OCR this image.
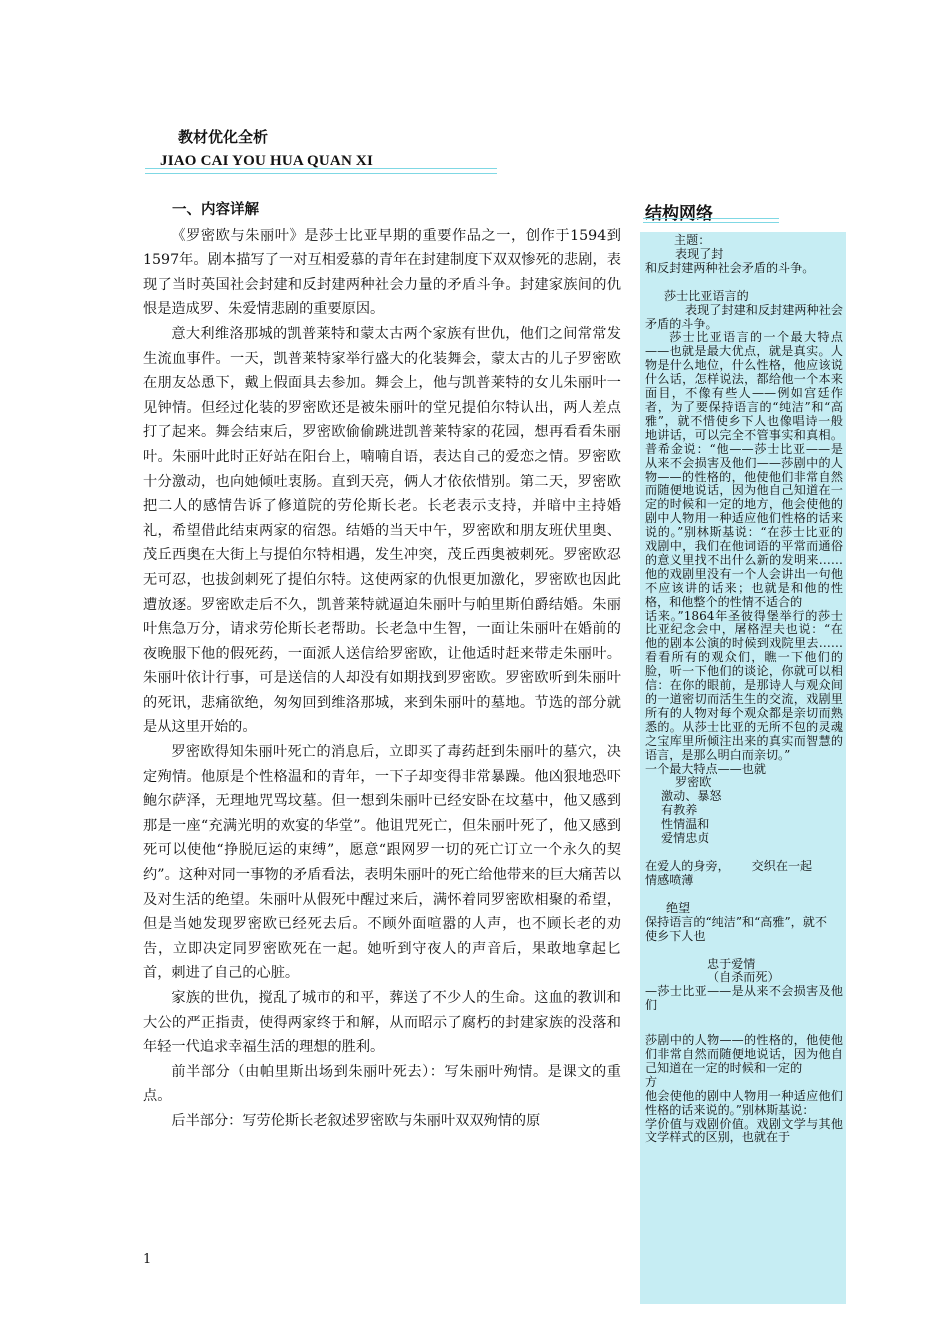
教材优化全析
JIAO CAI YOU HUA QUAN XI
一、内容详解

《罗密欧与朱丽叶》是莎士比亚早期的重要作品之一，创作于1594到1597年。剧本描写了一对互相爱慕的青年在封建制度下双双惨死的悲剧，表现了当时英国社会封建和反封建两种社会力量的矛盾斗争。封建家族间的仇恨是造成罗、朱爱情悲剧的重要原因。

意大利维洛那城的凯普莱特和蒙太古两个家族有世仇，他们之间常常发生流血事件。一天，凯普莱特家举行盛大的化装舞会，蒙太古的儿子罗密欧在朋友怂恿下，戴上假面具去参加。舞会上，他与凯普莱特的女儿朱丽叶一见钟情。但经过化装的罗密欧还是被朱丽叶的堂兄提伯尔特认出，两人差点打了起来。舞会结束后，罗密欧偷偷跳进凯普莱特家的花园，想再看看朱丽叶。朱丽叶此时正好站在阳台上，喃喃自语，表达自己的爱恋之情。罗密欧十分激动，也向她倾吐衷肠。直到天亮，俩人才依依惜别。第二天，罗密欧把二人的感情告诉了修道院的劳伦斯长老。长老表示支持，并暗中主持婚礼，希望借此结束两家的宿怨。结婚的当天中午，罗密欧和朋友班伏里奥、茂丘西奥在大街上与提伯尔特相遇，发生冲突，茂丘西奥被刺死。罗密欧忍无可忍，也拔剑刺死了提伯尔特。这使两家的仇恨更加激化，罗密欧也因此遭放逐。罗密欧走后不久，凯普莱特就逼迫朱丽叶与帕里斯伯爵结婚。朱丽叶焦急万分，请求劳伦斯长老帮助。长老急中生智，一面让朱丽叶在婚前的夜晚服下他的假死药，一面派人送信给罗密欧，让他适时赶来带走朱丽叶。朱丽叶依计行事，可是送信的人却没有如期找到罗密欧。罗密欧听到朱丽叶的死讯，悲痛欲绝，匆匆回到维洛那城，来到朱丽叶的墓地。节选的部分就是从这里开始的。

罗密欧得知朱丽叶死亡的消息后，立即买了毒药赶到朱丽叶的墓穴，决定殉情。他原是个性格温和的青年，一下子却变得非常暴躁。他凶狠地恐吓鲍尔萨泽，无理地咒骂坟墓。但一想到朱丽叶已经安卧在坟墓中，他又感到那是一座“充满光明的欢宴的华堂”。他诅咒死亡，但朱丽叶死了，他又感到死可以使他“挣脱厄运的束缚”，愿意“跟网罗一切的死亡订立一个永久的契约”。这种对同一事物的矛盾看法，表明朱丽叶的死亡给他带来的巨大痛苦以及对生活的绝望。朱丽叶从假死中醒过来后，满怀着同罗密欧相聚的希望，但是当她发现罗密欧已经死去后。不顾外面喧嚣的人声，也不顾长老的劝告，立即决定同罗密欧死在一起。她听到守夜人的声音后，果敢地拿起匕首，刺进了自己的心脏。

家族的世仇，搅乱了城市的和平，葬送了不少人的生命。这血的教训和大公的严正指责，使得两家终于和解，从而昭示了腐朽的封建家族的没落和年轻一代追求幸福生活的理想的胜利。

前半部分（由帕里斯出场到朱丽叶死去）：写朱丽叶殉情。是课文的重点。

后半部分：写劳伦斯长老叙述罗密欧与朱丽叶双双殉情的原

1
结构网络

主题：

表现了封

和反封建两种社会矛盾的斗争。

莎士比亚语言的

表现了封建和反封建两种社会矛盾的斗争。

莎士比亚语言的一个最大特点——也就是最大优点，就是真实。人物是什么地位，什么性格，他应该说什么话，怎样说法，都给他一个本来面目，不像有些人——例如宫廷作者，为了要保持语言的“纯洁”和“高雅”，就不惜使乡下人也像唱诗一般地讲话，可以完全不管事实和真相。普希金说：“他——莎士比亚——是从来不会损害及他们——莎剧中的人物——的性格的，他使他们非常自然而随便地说话，因为他自己知道在一定的时候和一定的地方，他会使他的剧中人物用一种适应他们性格的话来说的。”别林斯基说：“在莎士比亚的戏剧中，我们在他词语的平常而通俗的意义里找不出什么新的发明来……他的戏剧里没有一个人会讲出一句他不应该讲的话来；也就是和他的性格，和他整个的性情不适合的

话来。”1864年圣彼得堡举行的莎士比亚纪念会中，屠格涅夫也说：“在他的剧本公演的时候到戏院里去……看看所有的观众们，瞧一下他们的脸，听一下他们的谈论，你就可以相信：在你的眼前，是那诗人与观众间的一道密切而活生生的交流，戏剧里所有的人物对每个观众都是亲切而熟悉的。从莎士比亚的无所不包的灵魂之宝库里所倾注出来的真实而智慧的语言，是那么明白而亲切。”

一个最大特点——也就

罗密欧

激动、暴怒

有教养

性情温和

爱情忠贞

在爱人的身旁， 交织在一起

情感喷薄

绝望

保持语言的“纯洁”和“高雅”，就不

使乡下人也

忠于爱情

（自杀而死）

—莎士比亚——是从来不会损害及他们

莎剧中的人物——的性格的，他使他们非常自然而随便地说话，因为他自己知道在一定的时候和一定的

方

他会使他的剧中人物用一种适应他们性格的话来说的。”别林斯基说：

学价值与戏剧价值。戏剧文学与其他文学样式的区别，也就在于
